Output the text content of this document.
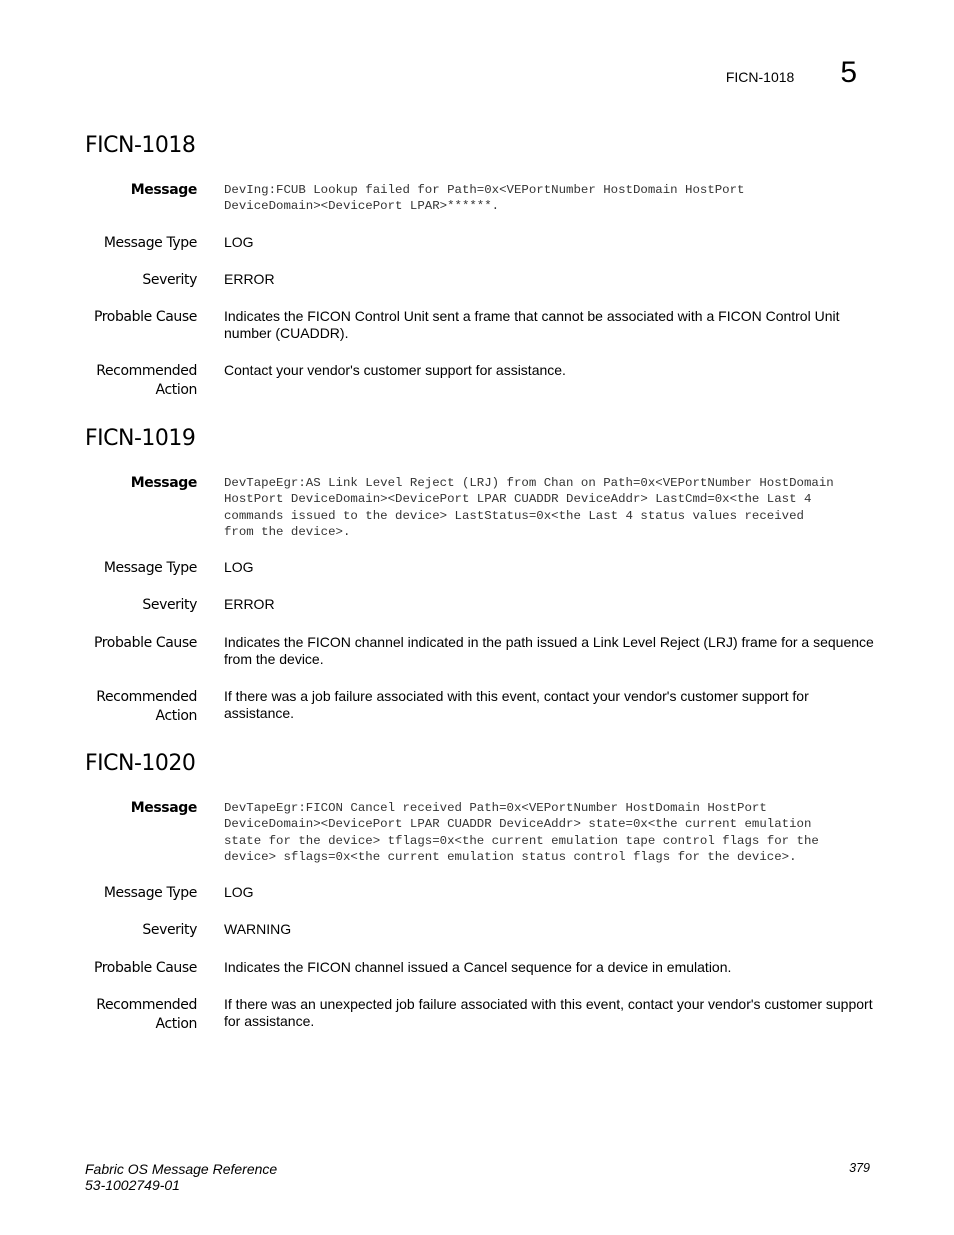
FICN-1018 5
FICN-1018
Message DevIng:FCUB Lookup failed for Path=0x<VEPortNumber HostDomain HostPort
DeviceDomain><DevicePort LPAR>******.
Message Type LOG
Severity ERROR
Probable Cause Indicates the FICON Control Unit sent a frame that cannot be associated with a FICON Control Unit number (CUADDR).
Recommended
Action
Contact your vendor's customer support for assistance.
FICN-1019
Message DevTapeEgr:AS Link Level Reject (LRJ) from Chan on Path=0x<VEPortNumber HostDomain
HostPort DeviceDomain><DevicePort LPAR CUADDR DeviceAddr> LastCmd=0x<the Last 4
commands issued to the device> LastStatus=0x<the Last 4 status values received
from the device>.
Message Type LOG
Severity ERROR
Probable Cause Indicates the FICON channel indicated in the path issued a Link Level Reject (LRJ) frame for a sequence from the device.
Recommended
Action
If there was a job failure associated with this event, contact your vendor's customer support for assistance.
FICN-1020
Message DevTapeEgr:FICON Cancel received Path=0x<VEPortNumber HostDomain HostPort
DeviceDomain><DevicePort LPAR CUADDR DeviceAddr> state=0x<the current emulation
state for the device> tflags=0x<the current emulation tape control flags for the
device> sflags=0x<the current emulation status control flags for the device>.
Message Type LOG
Severity WARNING
Probable Cause Indicates the FICON channel issued a Cancel sequence for a device in emulation.
Recommended
Action
If there was an unexpected job failure associated with this event, contact your vendor's customer support for assistance.
Fabric OS Message Reference
53-1002749-01
379
